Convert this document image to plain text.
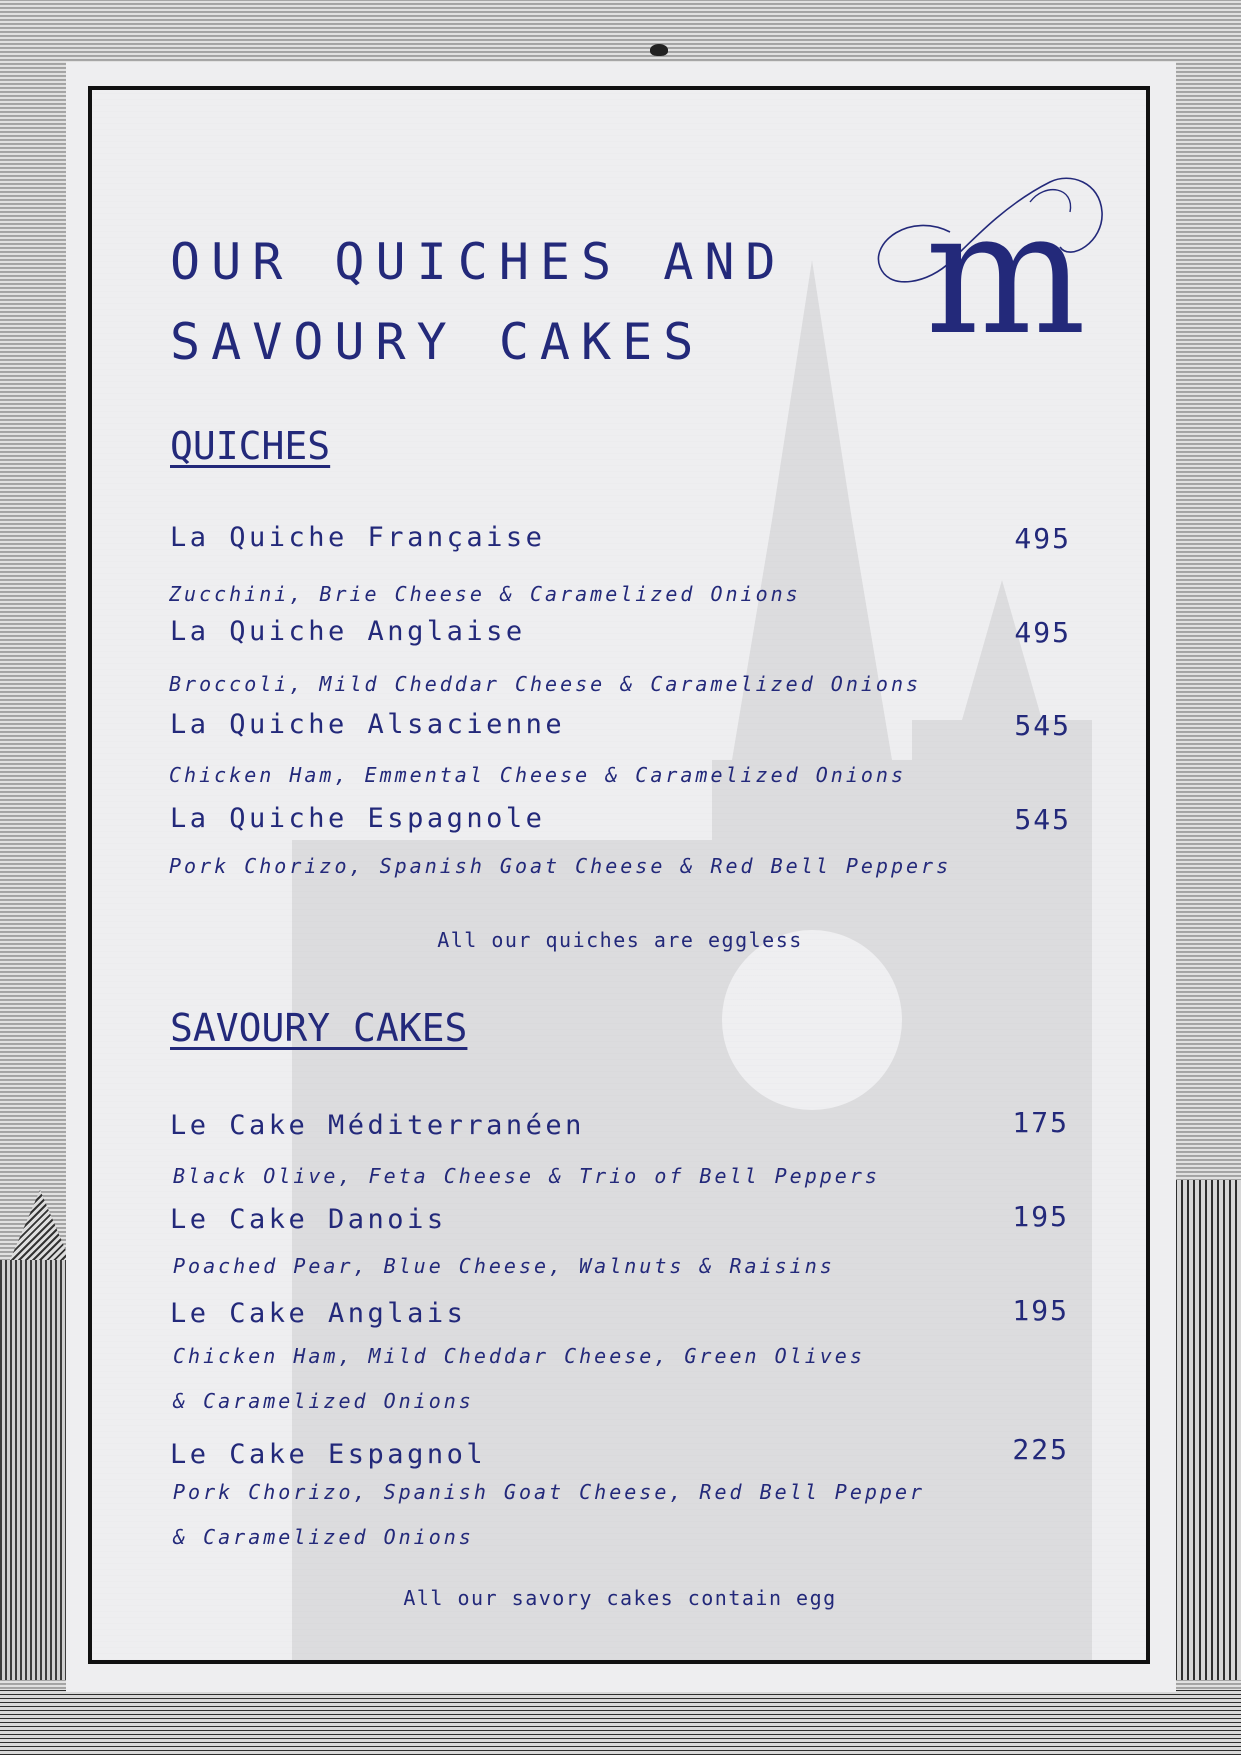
OUR QUICHES AND
SAVOURY CAKES	m
QUICHES
La Quiche Française	495
Zucchini, Brie Cheese & Caramelized Onions
La Quiche Anglaise	495
Broccoli, Mild Cheddar Cheese & Caramelized Onions
La Quiche Alsacienne	545
Chicken Ham, Emmental Cheese & Caramelized Onions
La Quiche Espagnole	545
Pork Chorizo, Spanish Goat Cheese & Red Bell Peppers
All our quiches are eggless
SAVOURY CAKES
Le Cake Méditerranéen	175
Black Olive, Feta Cheese & Trio of Bell Peppers
Le Cake Danois	195
Poached Pear, Blue Cheese, Walnuts & Raisins
Le Cake Anglais	195
Chicken Ham, Mild Cheddar Cheese, Green Olives
& Caramelized Onions
Le Cake Espagnol	225
Pork Chorizo, Spanish Goat Cheese, Red Bell Pepper
& Caramelized Onions
All our savory cakes contain egg
